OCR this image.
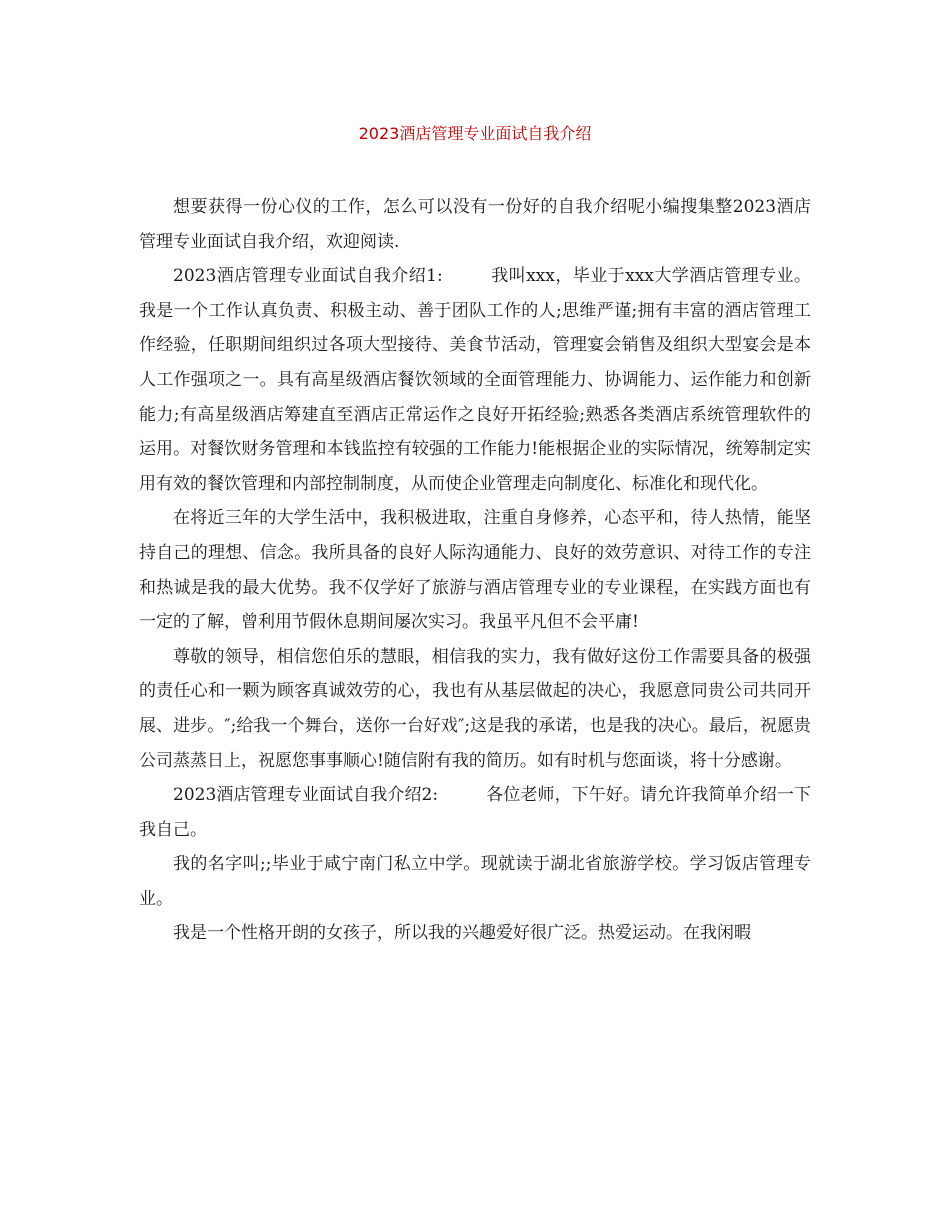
2023酒店管理专业面试自我介绍

想要获得一份心仪的工作，怎么可以没有一份好的自我介绍呢小编搜集整2023酒店管理专业面试自我介绍，欢迎阅读.

2023酒店管理专业面试自我介绍1:	我叫xxx，毕业于xxx大学酒店管理专业。我是一个工作认真负责、积极主动、善于团队工作的人;思维严谨;拥有丰富的酒店管理工作经验，任职期间组织过各项大型接待、美食节活动，管理宴会销售及组织大型宴会是本人工作强项之一。具有高星级酒店餐饮领域的全面管理能力、协调能力、运作能力和创新能力;有高星级酒店筹建直至酒店正常运作之良好开拓经验;熟悉各类酒店系统管理软件的运用。对餐饮财务管理和本钱监控有较强的工作能力!能根据企业的实际情况，统筹制定实用有效的餐饮管理和内部控制制度，从而使企业管理走向制度化、标准化和现代化。

在将近三年的大学生活中，我积极进取，注重自身修养，心态平和，待人热情，能坚持自己的理想、信念。我所具备的良好人际沟通能力、良好的效劳意识、对待工作的专注和热诚是我的最大优势。我不仅学好了旅游与酒店管理专业的专业课程，在实践方面也有一定的了解，曾利用节假休息期间屡次实习。我虽平凡但不会平庸!

尊敬的领导，相信您伯乐的慧眼，相信我的实力，我有做好这份工作需要具备的极强的责任心和一颗为顾客真诚效劳的心，我也有从基层做起的决心，我愿意同贵公司共同开展、进步。″;给我一个舞台，送你一台好戏″;这是我的承诺，也是我的决心。最后，祝愿贵公司蒸蒸日上，祝愿您事事顺心!随信附有我的简历。如有时机与您面谈，将十分感谢。

2023酒店管理专业面试自我介绍2:	各位老师，下午好。请允许我简单介绍一下我自己。

我的名字叫;;毕业于咸宁南门私立中学。现就读于湖北省旅游学校。学习饭店管理专业。

我是一个性格开朗的女孩子，所以我的兴趣爱好很广泛。热爱运动。在我闲暇
